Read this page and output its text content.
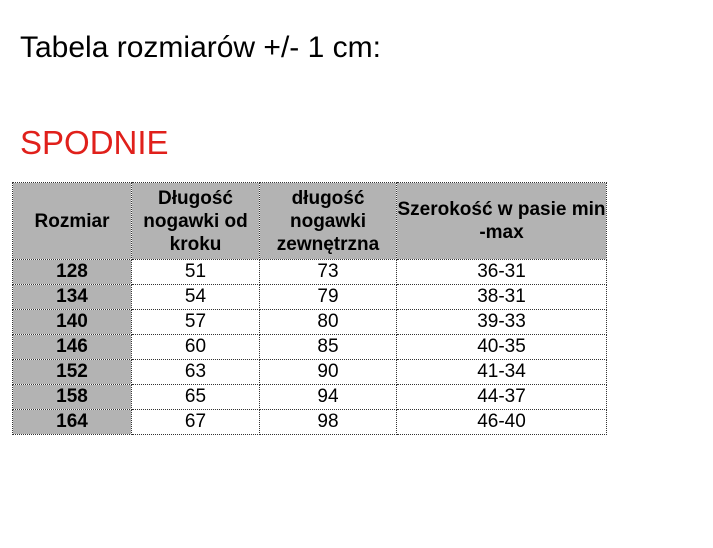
Tabela rozmiarów +/- 1 cm:
SPODNIE
Rozmiar	Długość nogawki od kroku	długość nogawki zewnętrzna	Szerokość w pasie min -max
128	51	73	36-31
134	54	79	38-31
140	57	80	39-33
146	60	85	40-35
152	63	90	41-34
158	65	94	44-37
164	67	98	46-40
